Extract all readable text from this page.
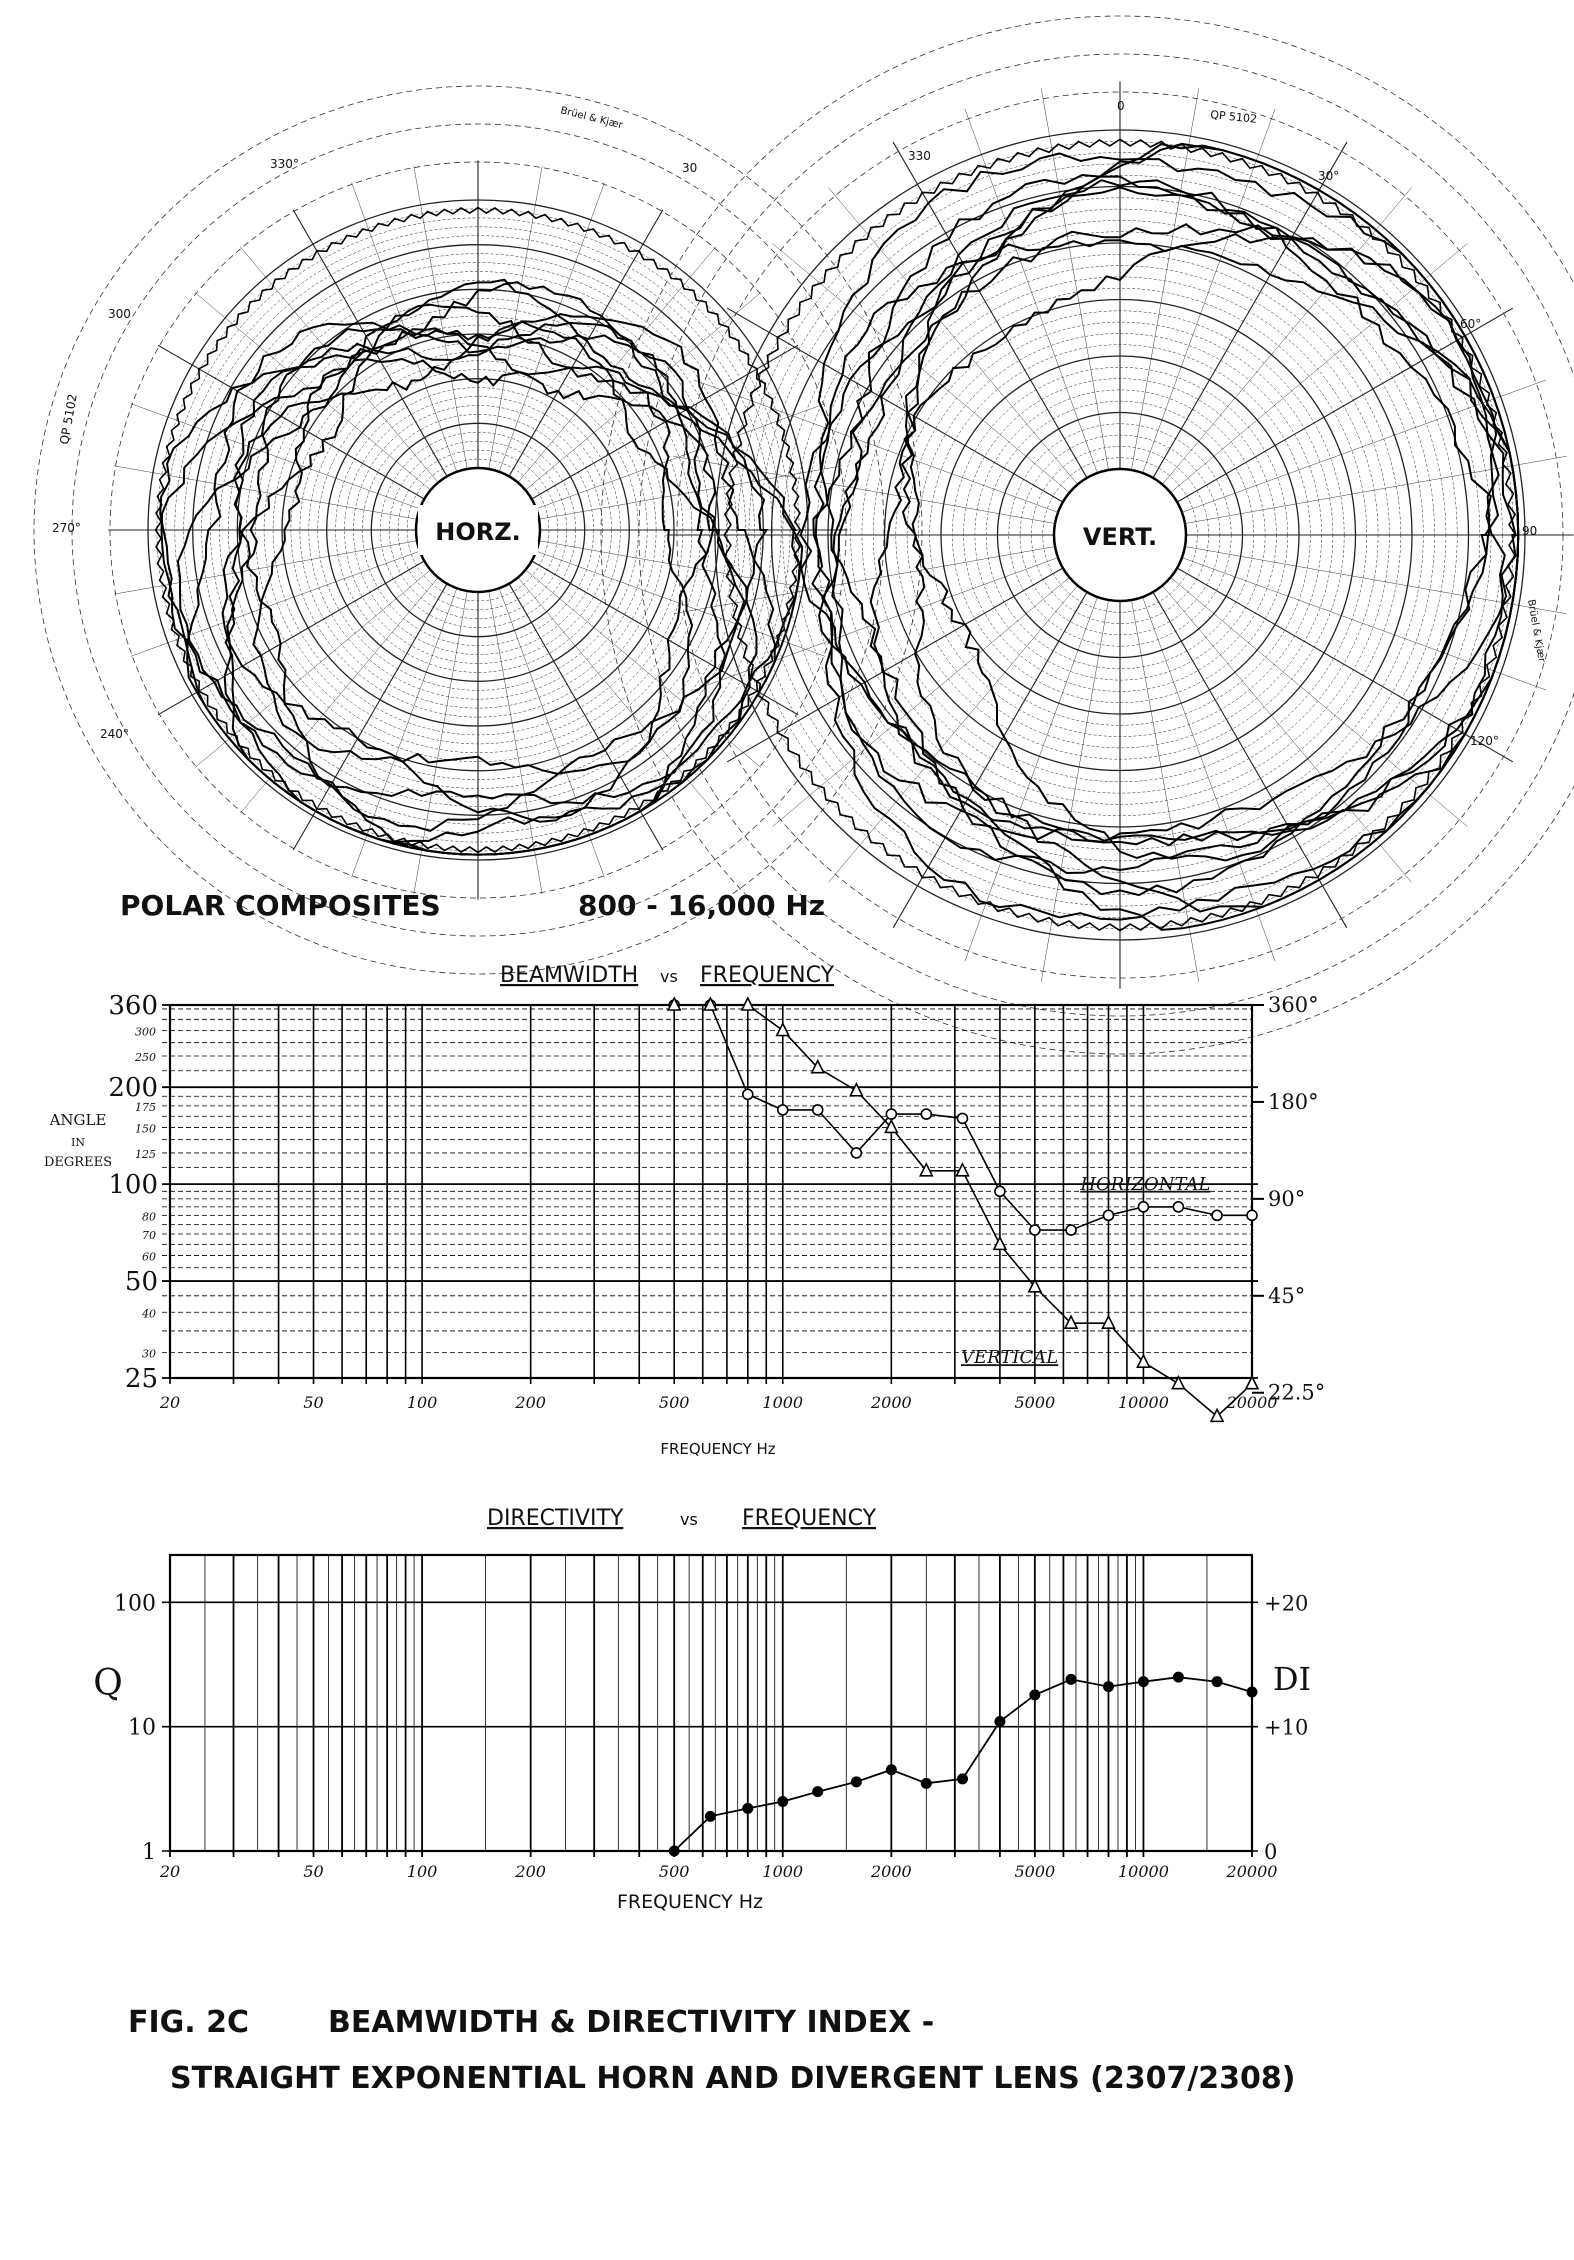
HORZ.	VERT.
Brüel & Kjær
QP 5102
QP 5102
Brüel & Kjær
330°	30
300
270°
240°
330
0
30°
60°
90
120°
POLAR COMPOSITES	800 - 16,000 Hz
BEAMWIDTH vs FREQUENCY
20	50	100	200	500	1000	2000	5000	10000	20000
360
200
100
50
25
300
250
175
150
125
80
70
60
40
30
360°
180°
90°
45°
22.5°
ANGLE
IN
DEGREES
HORIZONTAL
VERTICAL
FREQUENCY Hz
DIRECTIVITY	vs FREQUENCY
20	50	100	200	500	1000	2000	5000	10000	20000
1
10
100
0
+10
+20
Q	DI
FREQUENCY Hz
FIG. 2C	BEAMWIDTH & DIRECTIVITY INDEX -
STRAIGHT EXPONENTIAL HORN AND DIVERGENT LENS (2307/2308)
